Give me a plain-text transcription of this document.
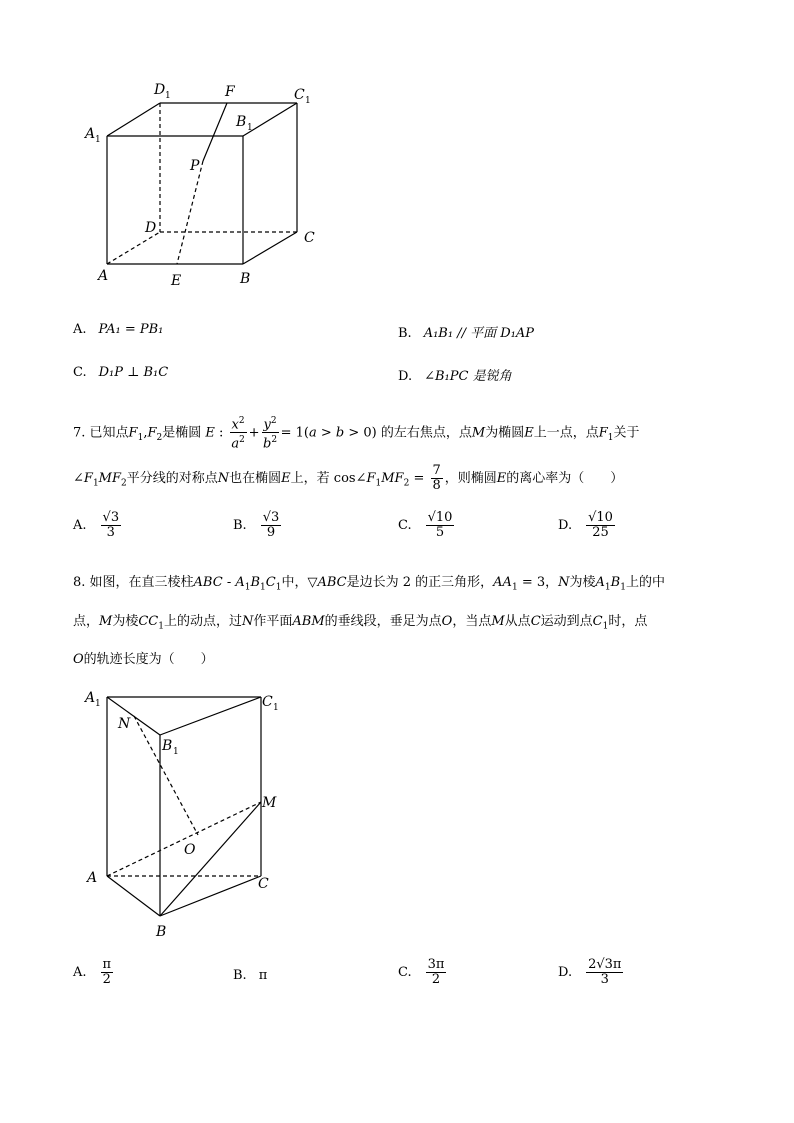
D 1	F	C 1
A 1
B 1
P
D
C
A	E	B
A. PA₁ = PB₁	B. A₁B₁ // 平面 D₁AP
C. D₁P ⊥ B₁C	D. ∠B₁PC 是锐角
7. 已知点$F_1,F_2$是椭圆 E : $\frac{x^2}{a^2} + \frac{y^2}{b^2} = 1(a > b > 0)$ 的左右焦点，点M为椭圆E上一点，点$F_1$关于
$\angle F_1MF_2$平分线的对称点N也在椭圆E上，若 $\cos\angle F_1MF_2 = \frac{7}{8}$ ，则椭圆E的离心率为（　　）
A. $\frac{√3}{3}$	B. $\frac{√3}{9}$	C. $\frac{√10}{5}$	D. $\frac{√10}{25}$
8. 如图，在直三棱柱ABC - $A_1B_1C_1$中，▽ABC是边长为 2 的正三角形，$AA_1 = 3$，N为棱$A_1B_1$上的中
点，M为棱$CC_1$上的动点，过N作平面ABM的垂线段，垂足为点O，当点M从点C运动到点$C_1$时，点
O的轨迹长度为（　　）
A 1	C 1
N
B 1
M
O
A	C
B
A. $\frac{\pi}{2}$	B. π	C. $\frac{3\pi}{2}$	D. $\frac{2√3\pi}{3}$
